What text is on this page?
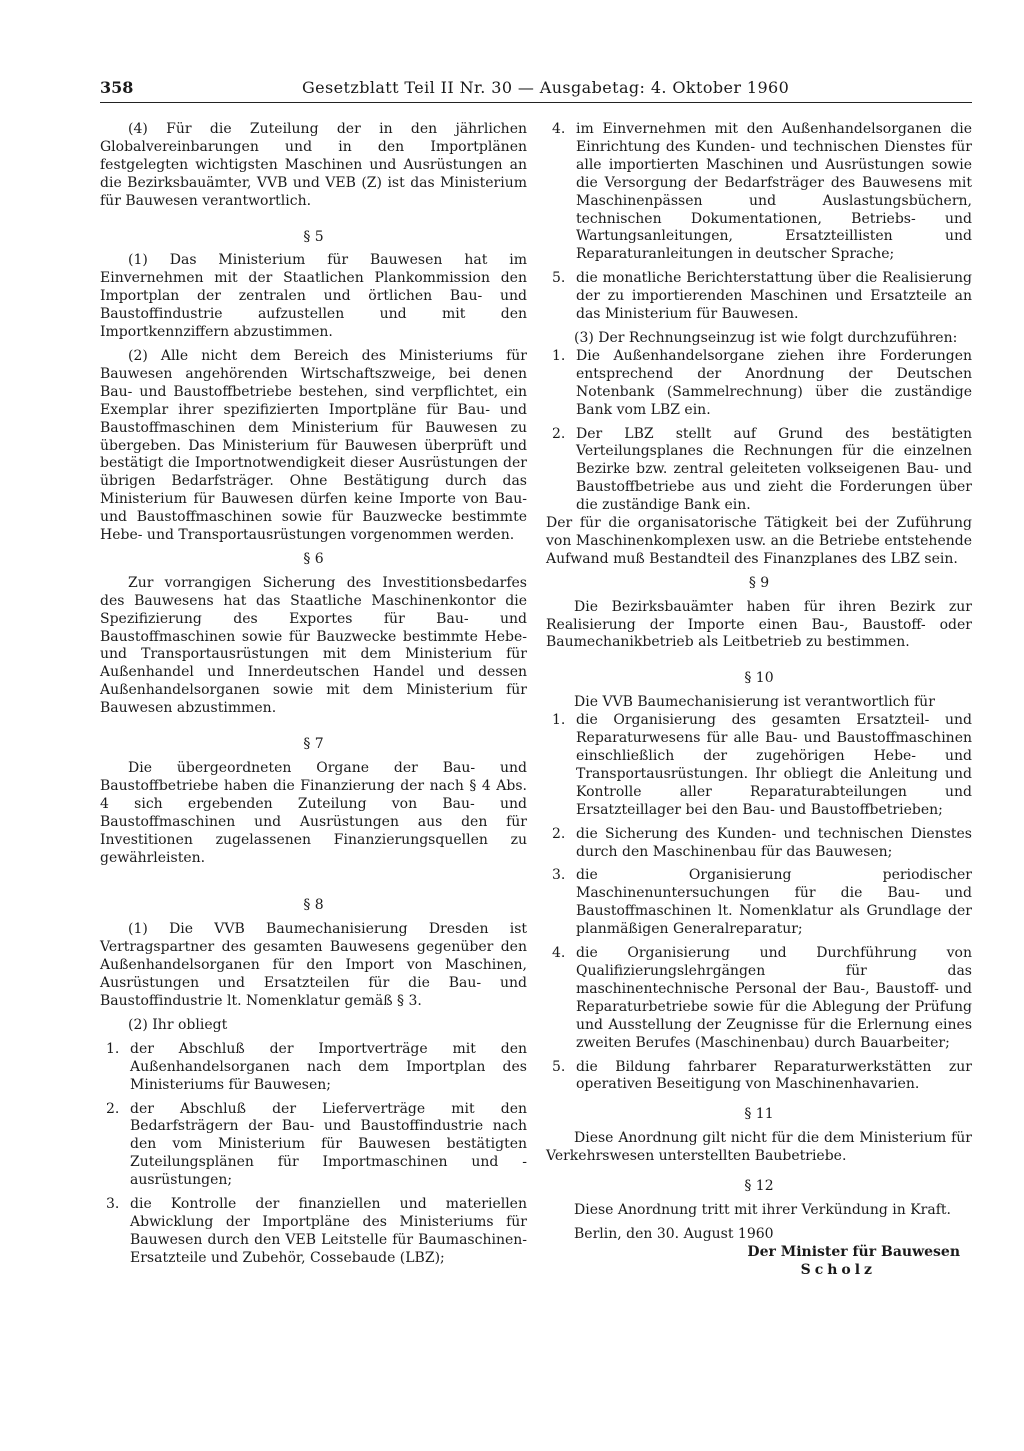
358	Gesetzblatt Teil II Nr. 30 — Ausgabetag: 4. Oktober 1960

(4) Für die Zuteilung der in den jährlichen Globalvereinbarungen und in den Importplänen festgelegten wichtigsten Maschinen und Ausrüstungen an die Bezirksbauämter, VVB und VEB (Z) ist das Ministerium für Bauwesen verantwortlich.

§ 5

(1) Das Ministerium für Bauwesen hat im Einvernehmen mit der Staatlichen Plankommission den Importplan der zentralen und örtlichen Bau- und Baustoffindustrie aufzustellen und mit den Importkennziffern abzustimmen.

(2) Alle nicht dem Bereich des Ministeriums für Bauwesen angehörenden Wirtschaftszweige, bei denen Bau- und Baustoffbetriebe bestehen, sind verpflichtet, ein Exemplar ihrer spezifizierten Importpläne für Bau- und Baustoffmaschinen dem Ministerium für Bauwesen zu übergeben. Das Ministerium für Bauwesen überprüft und bestätigt die Importnotwendigkeit dieser Ausrüstungen der übrigen Bedarfsträger. Ohne Bestätigung durch das Ministerium für Bauwesen dürfen keine Importe von Bau- und Baustoffmaschinen sowie für Bauzwecke bestimmte Hebe- und Transportausrüstungen vorgenommen werden.

§ 6

Zur vorrangigen Sicherung des Investitionsbedarfes des Bauwesens hat das Staatliche Maschinenkontor die Spezifizierung des Exportes für Bau- und Baustoffmaschinen sowie für Bauzwecke bestimmte Hebe- und Transportausrüstungen mit dem Ministerium für Außenhandel und Innerdeutschen Handel und dessen Außenhandelsorganen sowie mit dem Ministerium für Bauwesen abzustimmen.

§ 7

Die übergeordneten Organe der Bau- und Baustoffbetriebe haben die Finanzierung der nach § 4 Abs. 4 sich ergebenden Zuteilung von Bau- und Baustoffmaschinen und Ausrüstungen aus den für Investitionen zugelassenen Finanzierungsquellen zu gewährleisten.

§ 8

(1) Die VVB Baumechanisierung Dresden ist Vertragspartner des gesamten Bauwesens gegenüber den Außenhandelsorganen für den Import von Maschinen, Ausrüstungen und Ersatzteilen für die Bau- und Baustoffindustrie lt. Nomenklatur gemäß § 3.

(2) Ihr obliegt

1. der Abschluß der Importverträge mit den Außenhandelsorganen nach dem Importplan des Ministeriums für Bauwesen;
2. der Abschluß der Lieferverträge mit den Bedarfsträgern der Bau- und Baustoffindustrie nach den vom Ministerium für Bauwesen bestätigten Zuteilungsplänen für Importmaschinen und -ausrüstungen;
3. die Kontrolle der finanziellen und materiellen Abwicklung der Importpläne des Ministeriums für Bauwesen durch den VEB Leitstelle für Baumaschinen-Ersatzteile und Zubehör, Cossebaude (LBZ);
4. im Einvernehmen mit den Außenhandelsorganen die Einrichtung des Kunden- und technischen Dienstes für alle importierten Maschinen und Ausrüstungen sowie die Versorgung der Bedarfsträger des Bauwesens mit Maschinenpässen und Auslastungsbüchern, technischen Dokumentationen, Betriebs- und Wartungsanleitungen, Ersatzteillisten und Reparaturanleitungen in deutscher Sprache;
5. die monatliche Berichterstattung über die Realisierung der zu importierenden Maschinen und Ersatzteile an das Ministerium für Bauwesen.

(3) Der Rechnungseinzug ist wie folgt durchzuführen:

1. Die Außenhandelsorgane ziehen ihre Forderungen entsprechend der Anordnung der Deutschen Notenbank (Sammelrechnung) über die zuständige Bank vom LBZ ein.
2. Der LBZ stellt auf Grund des bestätigten Verteilungsplanes die Rechnungen für die einzelnen Bezirke bzw. zentral geleiteten volkseigenen Bau- und Baustoffbetriebe aus und zieht die Forderungen über die zuständige Bank ein.

Der für die organisatorische Tätigkeit bei der Zuführung von Maschinenkomplexen usw. an die Betriebe entstehende Aufwand muß Bestandteil des Finanzplanes des LBZ sein.

§ 9

Die Bezirksbauämter haben für ihren Bezirk zur Realisierung der Importe einen Bau-, Baustoff- oder Baumechanikbetrieb als Leitbetrieb zu bestimmen.

§ 10

Die VVB Baumechanisierung ist verantwortlich für

1. die Organisierung des gesamten Ersatzteil- und Reparaturwesens für alle Bau- und Baustoffmaschinen einschließlich der zugehörigen Hebe- und Transportausrüstungen. Ihr obliegt die Anleitung und Kontrolle aller Reparaturabteilungen und Ersatzteillager bei den Bau- und Baustoffbetrieben;
2. die Sicherung des Kunden- und technischen Dienstes durch den Maschinenbau für das Bauwesen;
3. die Organisierung periodischer Maschinenuntersuchungen für die Bau- und Baustoffmaschinen lt. Nomenklatur als Grundlage der planmäßigen Generalreparatur;
4. die Organisierung und Durchführung von Qualifizierungslehrgängen für das maschinentechnische Personal der Bau-, Baustoff- und Reparaturbetriebe sowie für die Ablegung der Prüfung und Ausstellung der Zeugnisse für die Erlernung eines zweiten Berufes (Maschinenbau) durch Bauarbeiter;
5. die Bildung fahrbarer Reparaturwerkstätten zur operativen Beseitigung von Maschinenhavarien.
§ 11

Diese Anordnung gilt nicht für die dem Ministerium für Verkehrswesen unterstellten Baubetriebe.

§ 12

Diese Anordnung tritt mit ihrer Verkündung in Kraft.

Berlin, den 30. August 1960

Der Minister für Bauwesen
Scholz
